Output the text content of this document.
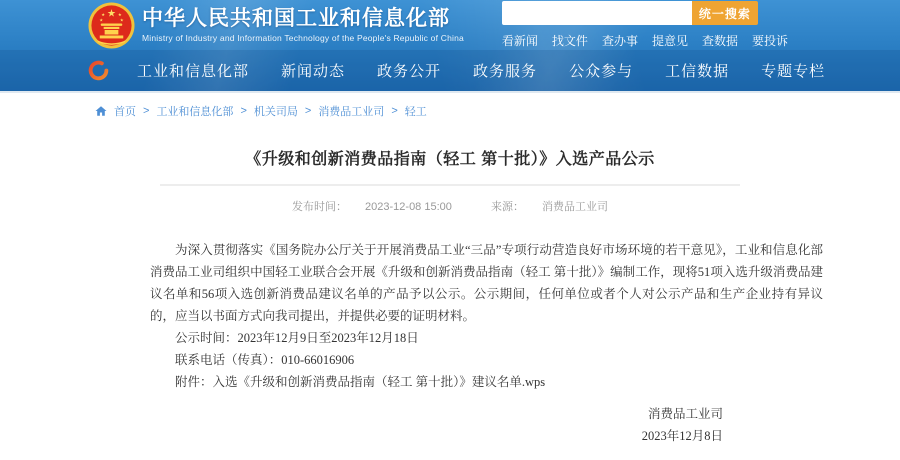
中华人民共和国工业和信息化部
Ministry of Industry and Information Technology of the People's Republic of China
统一搜索
看新闻 找文件 查办事 提意见 查数据 要投诉
工业和信息化部 新闻动态 政务公开 政务服务 公众参与 工信数据 专题专栏
首页 > 工业和信息化部 > 机关司局 > 消费品工业司 > 轻工
《升级和创新消费品指南（轻工 第十批）》入选产品公示
发布时间： 2023-12-08 15:00	来源： 消费品工业司

为深入贯彻落实《国务院办公厅关于开展消费品工业“三品”专项行动营造良好市场环境的若干意见》，工业和信息化部消费品工业司组织中国轻工业联合会开展《升级和创新消费品指南（轻工 第十批）》编制工作，现将51项入选升级消费品建议名单和56项入选创新消费品建议名单的产品予以公示。公示期间，任何单位或者个人对公示产品和生产企业持有异议的，应当以书面方式向我司提出，并提供必要的证明材料。

公示时间：2023年12月9日至2023年12月18日

联系电话（传真）：010-66016906

附件：入选《升级和创新消费品指南（轻工 第十批）》建议名单.wps

消费品工业司
2023年12月8日
